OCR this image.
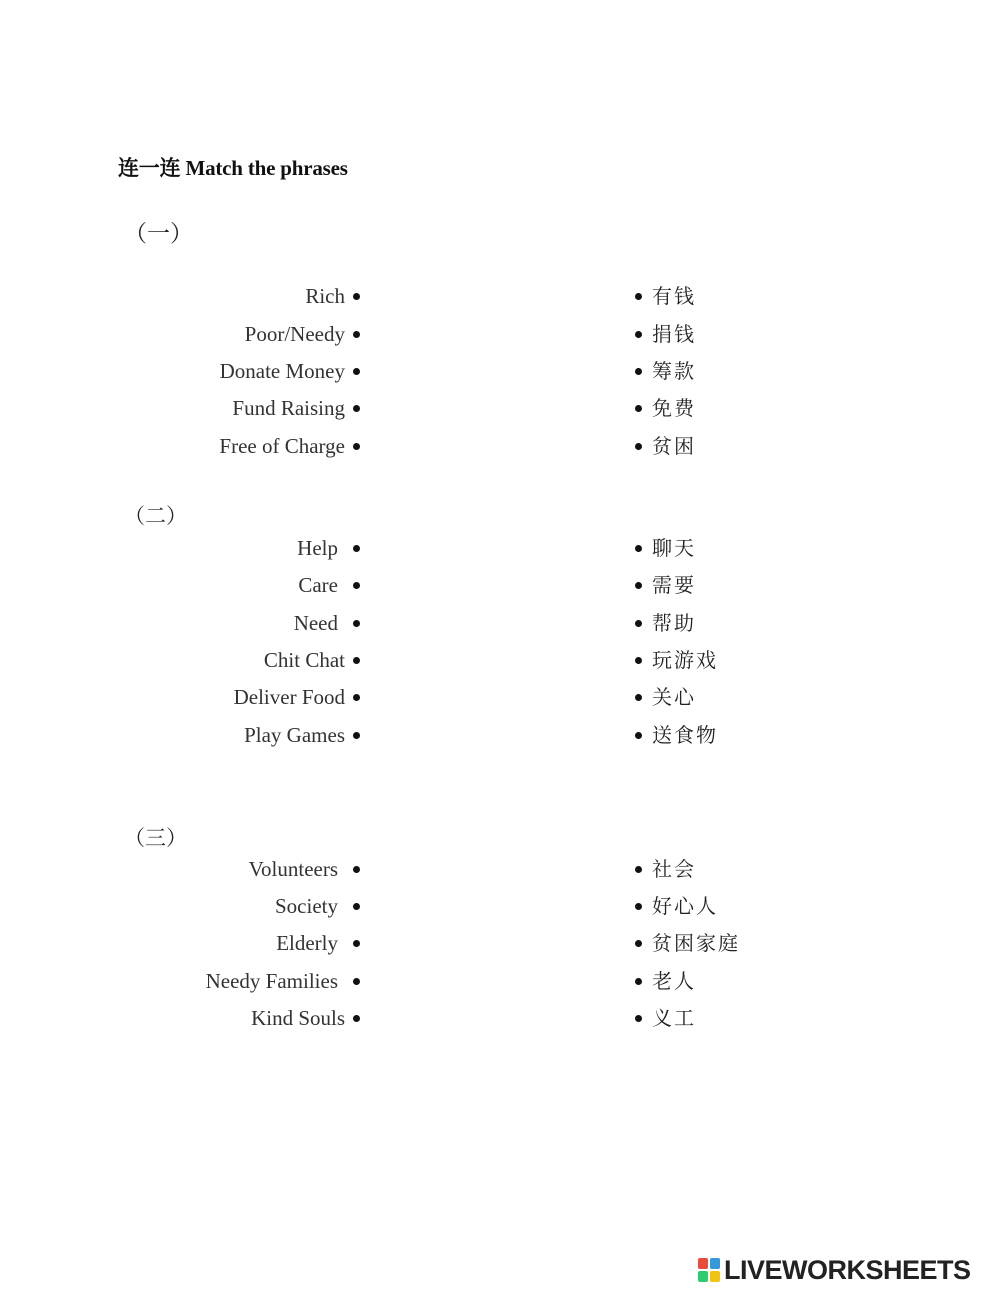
连一连 Match the phrases
（一）
（二）
（三）
Rich	有钱
Poor/Needy	捐钱
Donate Money	筹款
Fund Raising	免费
Free of Charge	贫困
Help	聊天
Care	需要
Need	帮助
Chit Chat	玩游戏
Deliver Food	关心
Play Games	送食物
Volunteers	社会
Society	好心人
Elderly	贫困家庭
Needy Families	老人
Kind Souls	义工
LIVEWORKSHEETS
